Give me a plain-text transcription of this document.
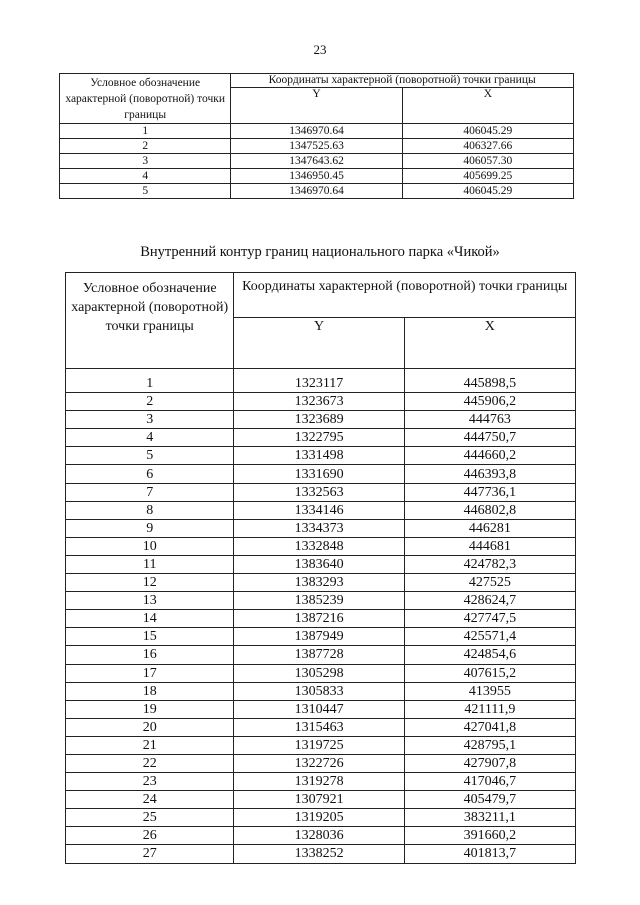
23
Условное обозначение характерной (поворотной) точки границы	Координаты характерной (поворотной) точки границы	
	Y	X
1	1346970.64	406045.29
2	1347525.63	406327.66
3	1347643.62	406057.30
4	1346950.45	405699.25
5	1346970.64	406045.29
Внутренний контур границ национального парка «Чикой»
Условное обозначение характерной (поворотной) точки границы	Координаты характерной (поворотной) точки границы	
	Y	X
1	1323117	445898,5
2	1323673	445906,2
3	1323689	444763
4	1322795	444750,7
5	1331498	444660,2
6	1331690	446393,8
7	1332563	447736,1
8	1334146	446802,8
9	1334373	446281
10	1332848	444681
11	1383640	424782,3
12	1383293	427525
13	1385239	428624,7
14	1387216	427747,5
15	1387949	425571,4
16	1387728	424854,6
17	1305298	407615,2
18	1305833	413955
19	1310447	421111,9
20	1315463	427041,8
21	1319725	428795,1
22	1322726	427907,8
23	1319278	417046,7
24	1307921	405479,7
25	1319205	383211,1
26	1328036	391660,2
27	1338252	401813,7
